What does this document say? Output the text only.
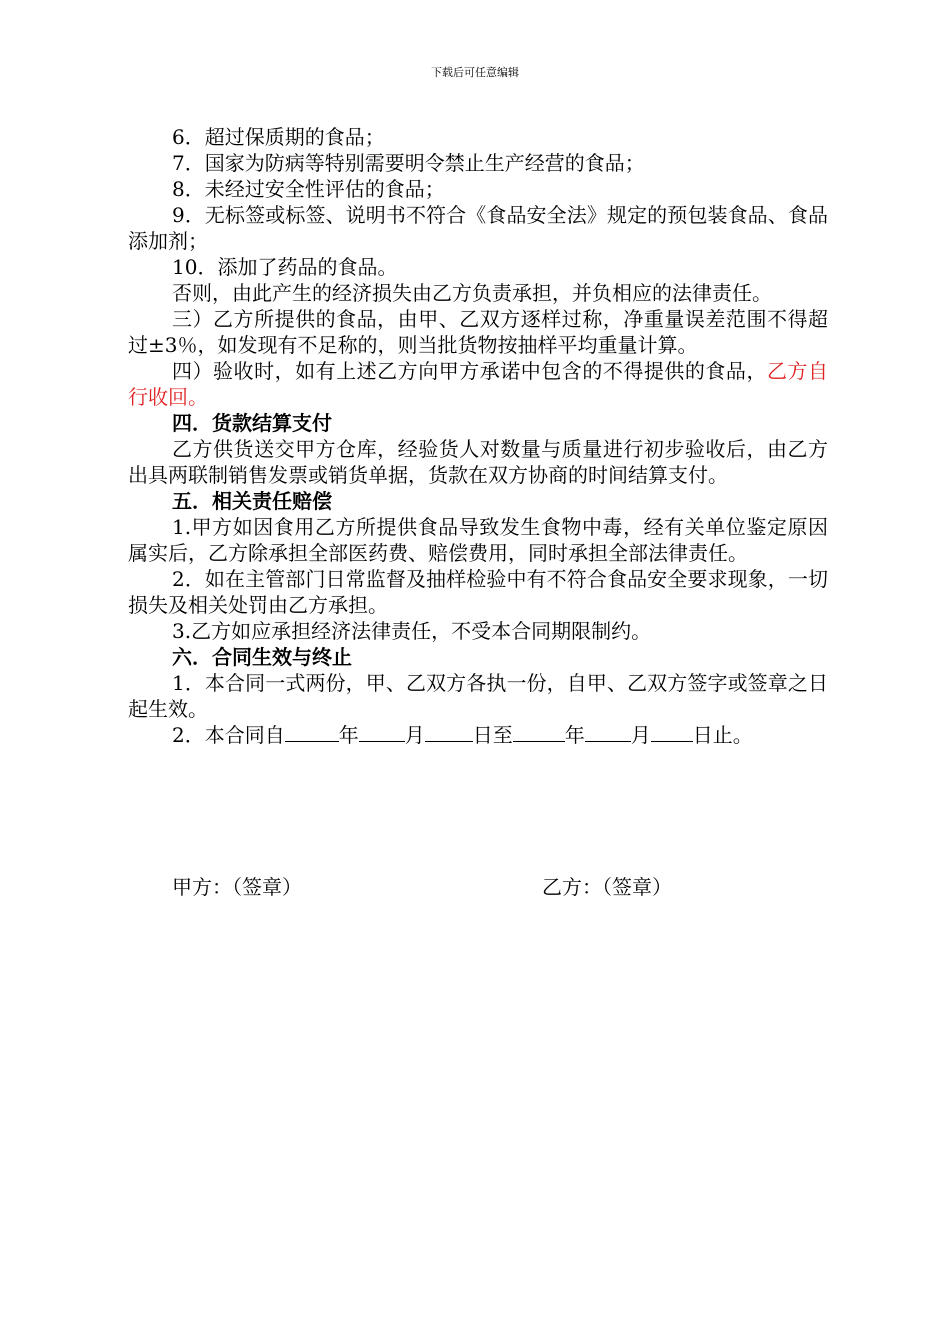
下载后可任意编辑

6．超过保质期的食品；

7．国家为防病等特别需要明令禁止生产经营的食品；

8．未经过安全性评估的食品；

9．无标签或标签、说明书不符合《食品安全法》规定的预包装食品、食品添加剂；

10．添加了药品的食品。

否则，由此产生的经济损失由乙方负责承担，并负相应的法律责任。

三）乙方所提供的食品，由甲、乙双方逐样过称，净重量误差范围不得超过±3％，如发现有不足称的，则当批货物按抽样平均重量计算。

四）验收时，如有上述乙方向甲方承诺中包含的不得提供的食品，乙方自行收回。

四．货款结算支付

乙方供货送交甲方仓库，经验货人对数量与质量进行初步验收后，由乙方出具两联制销售发票或销货单据，货款在双方协商的时间结算支付。

五．相关责任赔偿

1.甲方如因食用乙方所提供食品导致发生食物中毒，经有关单位鉴定原因属实后，乙方除承担全部医药费、赔偿费用，同时承担全部法律责任。

2．如在主管部门日常监督及抽样检验中有不符合食品安全要求现象，一切损失及相关处罚由乙方承担。

3.乙方如应承担经济法律责任，不受本合同期限制约。

六．合同生效与终止

1．本合同一式两份，甲、乙双方各执一份，自甲、乙双方签字或签章之日起生效。

2．本合同自	年 月 日至	年 月 日止。

甲方：（签章）	乙方：（签章）
